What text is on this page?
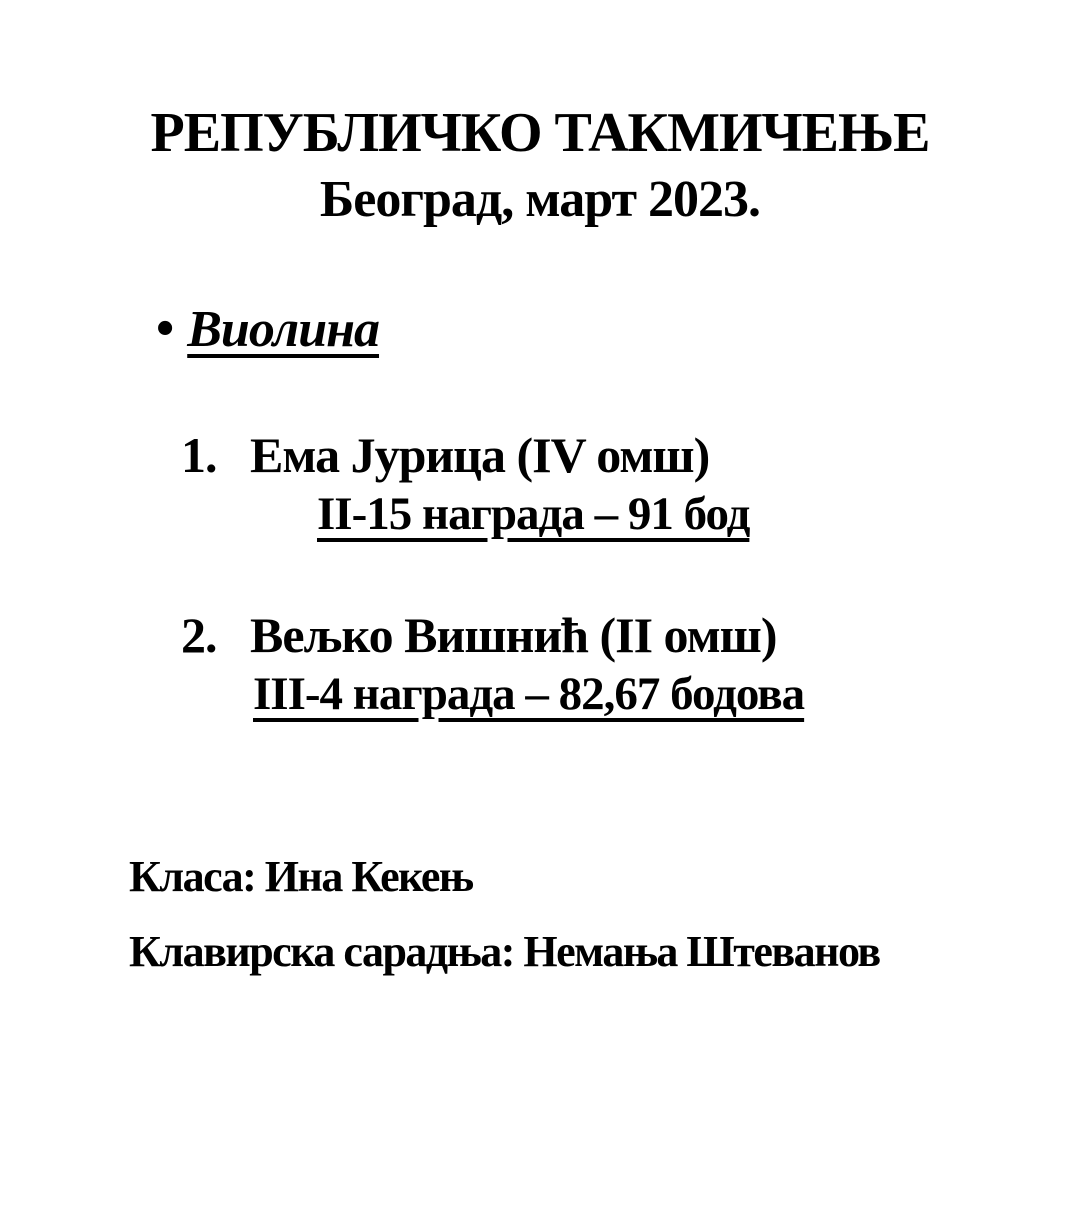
РЕПУБЛИЧКО ТАКМИЧЕЊЕ
Београд, март 2023.
• Виолина
1. Ема Јурица (IV омш)
II-15 награда – 91 бод
2. Вељко Вишнић (II омш)
III-4 награда – 82,67 бодова
Класа: Ина Кекењ
Клавирска сарадња: Немања Штеванов
